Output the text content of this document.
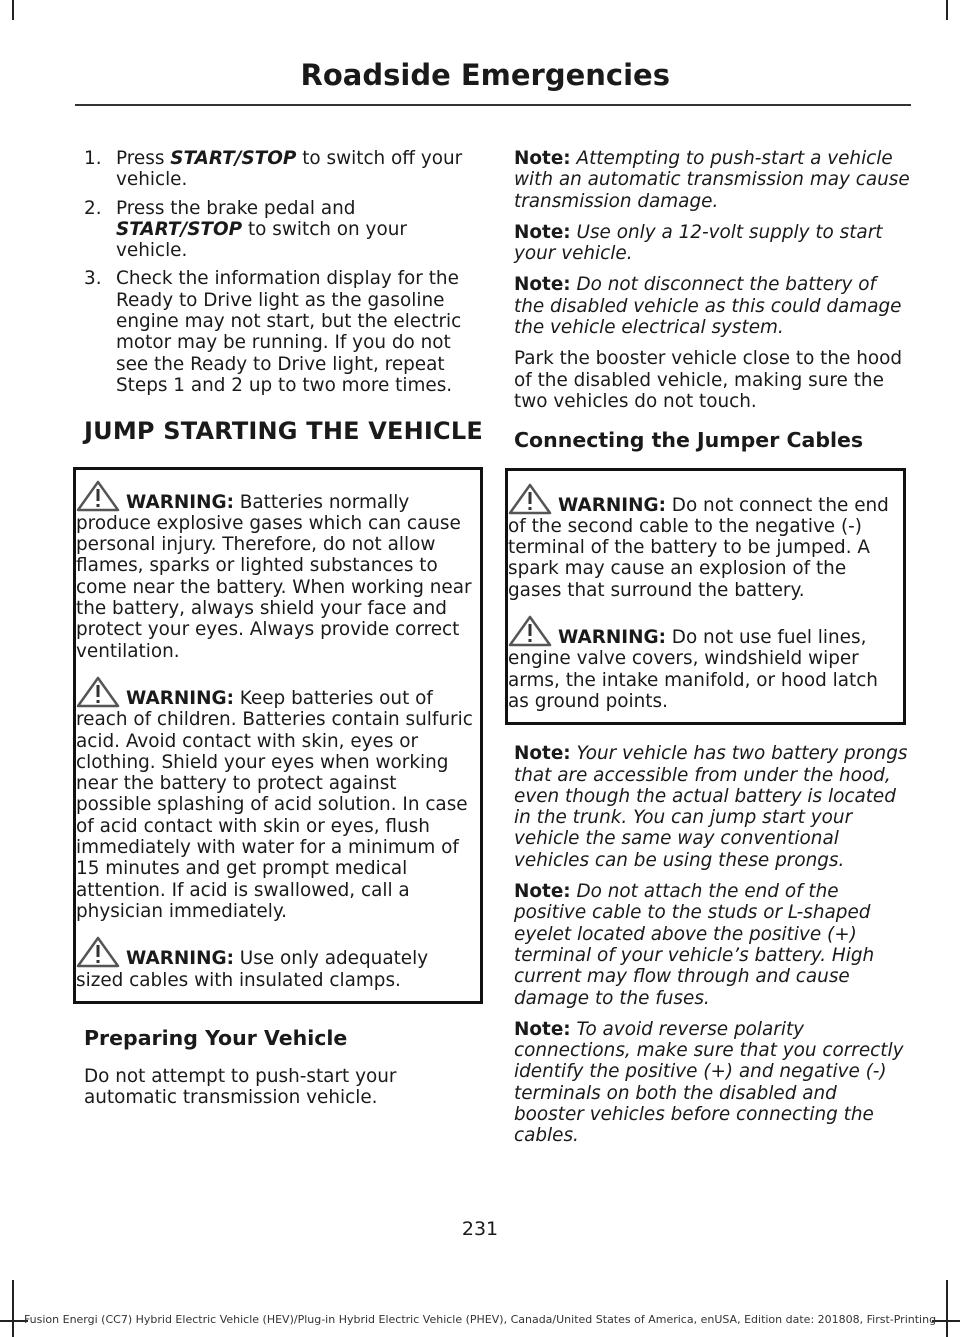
Roadside Emergencies
1. Press START/STOP to switch off your vehicle.
2. Press the brake pedal and START/STOP to switch on your vehicle.
3. Check the information display for the Ready to Drive light as the gasoline engine may not start, but the electric motor may be running. If you do not see the Ready to Drive light, repeat Steps 1 and 2 up to two more times.
JUMP STARTING THE VEHICLE
WARNING: Batteries normally produce explosive gases which can cause personal injury. Therefore, do not allow flames, sparks or lighted substances to come near the battery. When working near the battery, always shield your face and protect your eyes. Always provide correct ventilation.
WARNING: Keep batteries out of reach of children. Batteries contain sulfuric acid. Avoid contact with skin, eyes or clothing. Shield your eyes when working near the battery to protect against possible splashing of acid solution. In case of acid contact with skin or eyes, flush immediately with water for a minimum of 15 minutes and get prompt medical attention. If acid is swallowed, call a physician immediately.
WARNING: Use only adequately sized cables with insulated clamps.
Preparing Your Vehicle

Do not attempt to push-start your automatic transmission vehicle.

Note: Attempting to push-start a vehicle with an automatic transmission may cause transmission damage.

Note: Use only a 12-volt supply to start your vehicle.

Note: Do not disconnect the battery of the disabled vehicle as this could damage the vehicle electrical system.

Park the booster vehicle close to the hood of the disabled vehicle, making sure the two vehicles do not touch.

Connecting the Jumper Cables
WARNING: Do not connect the end of the second cable to the negative (-) terminal of the battery to be jumped. A spark may cause an explosion of the gases that surround the battery.
WARNING: Do not use fuel lines, engine valve covers, windshield wiper arms, the intake manifold, or hood latch as ground points.

Note: Your vehicle has two battery prongs that are accessible from under the hood, even though the actual battery is located in the trunk. You can jump start your vehicle the same way conventional vehicles can be using these prongs.

Note: Do not attach the end of the positive cable to the studs or L-shaped eyelet located above the positive (+) terminal of your vehicle’s battery. High current may flow through and cause damage to the fuses.

Note: To avoid reverse polarity connections, make sure that you correctly identify the positive (+) and negative (-) terminals on both the disabled and booster vehicles before connecting the cables.

231
Fusion Energi (CC7) Hybrid Electric Vehicle (HEV)/Plug-in Hybrid Electric Vehicle (PHEV), Canada/United States of America, enUSA, Edition date: 201808, First-Printing
